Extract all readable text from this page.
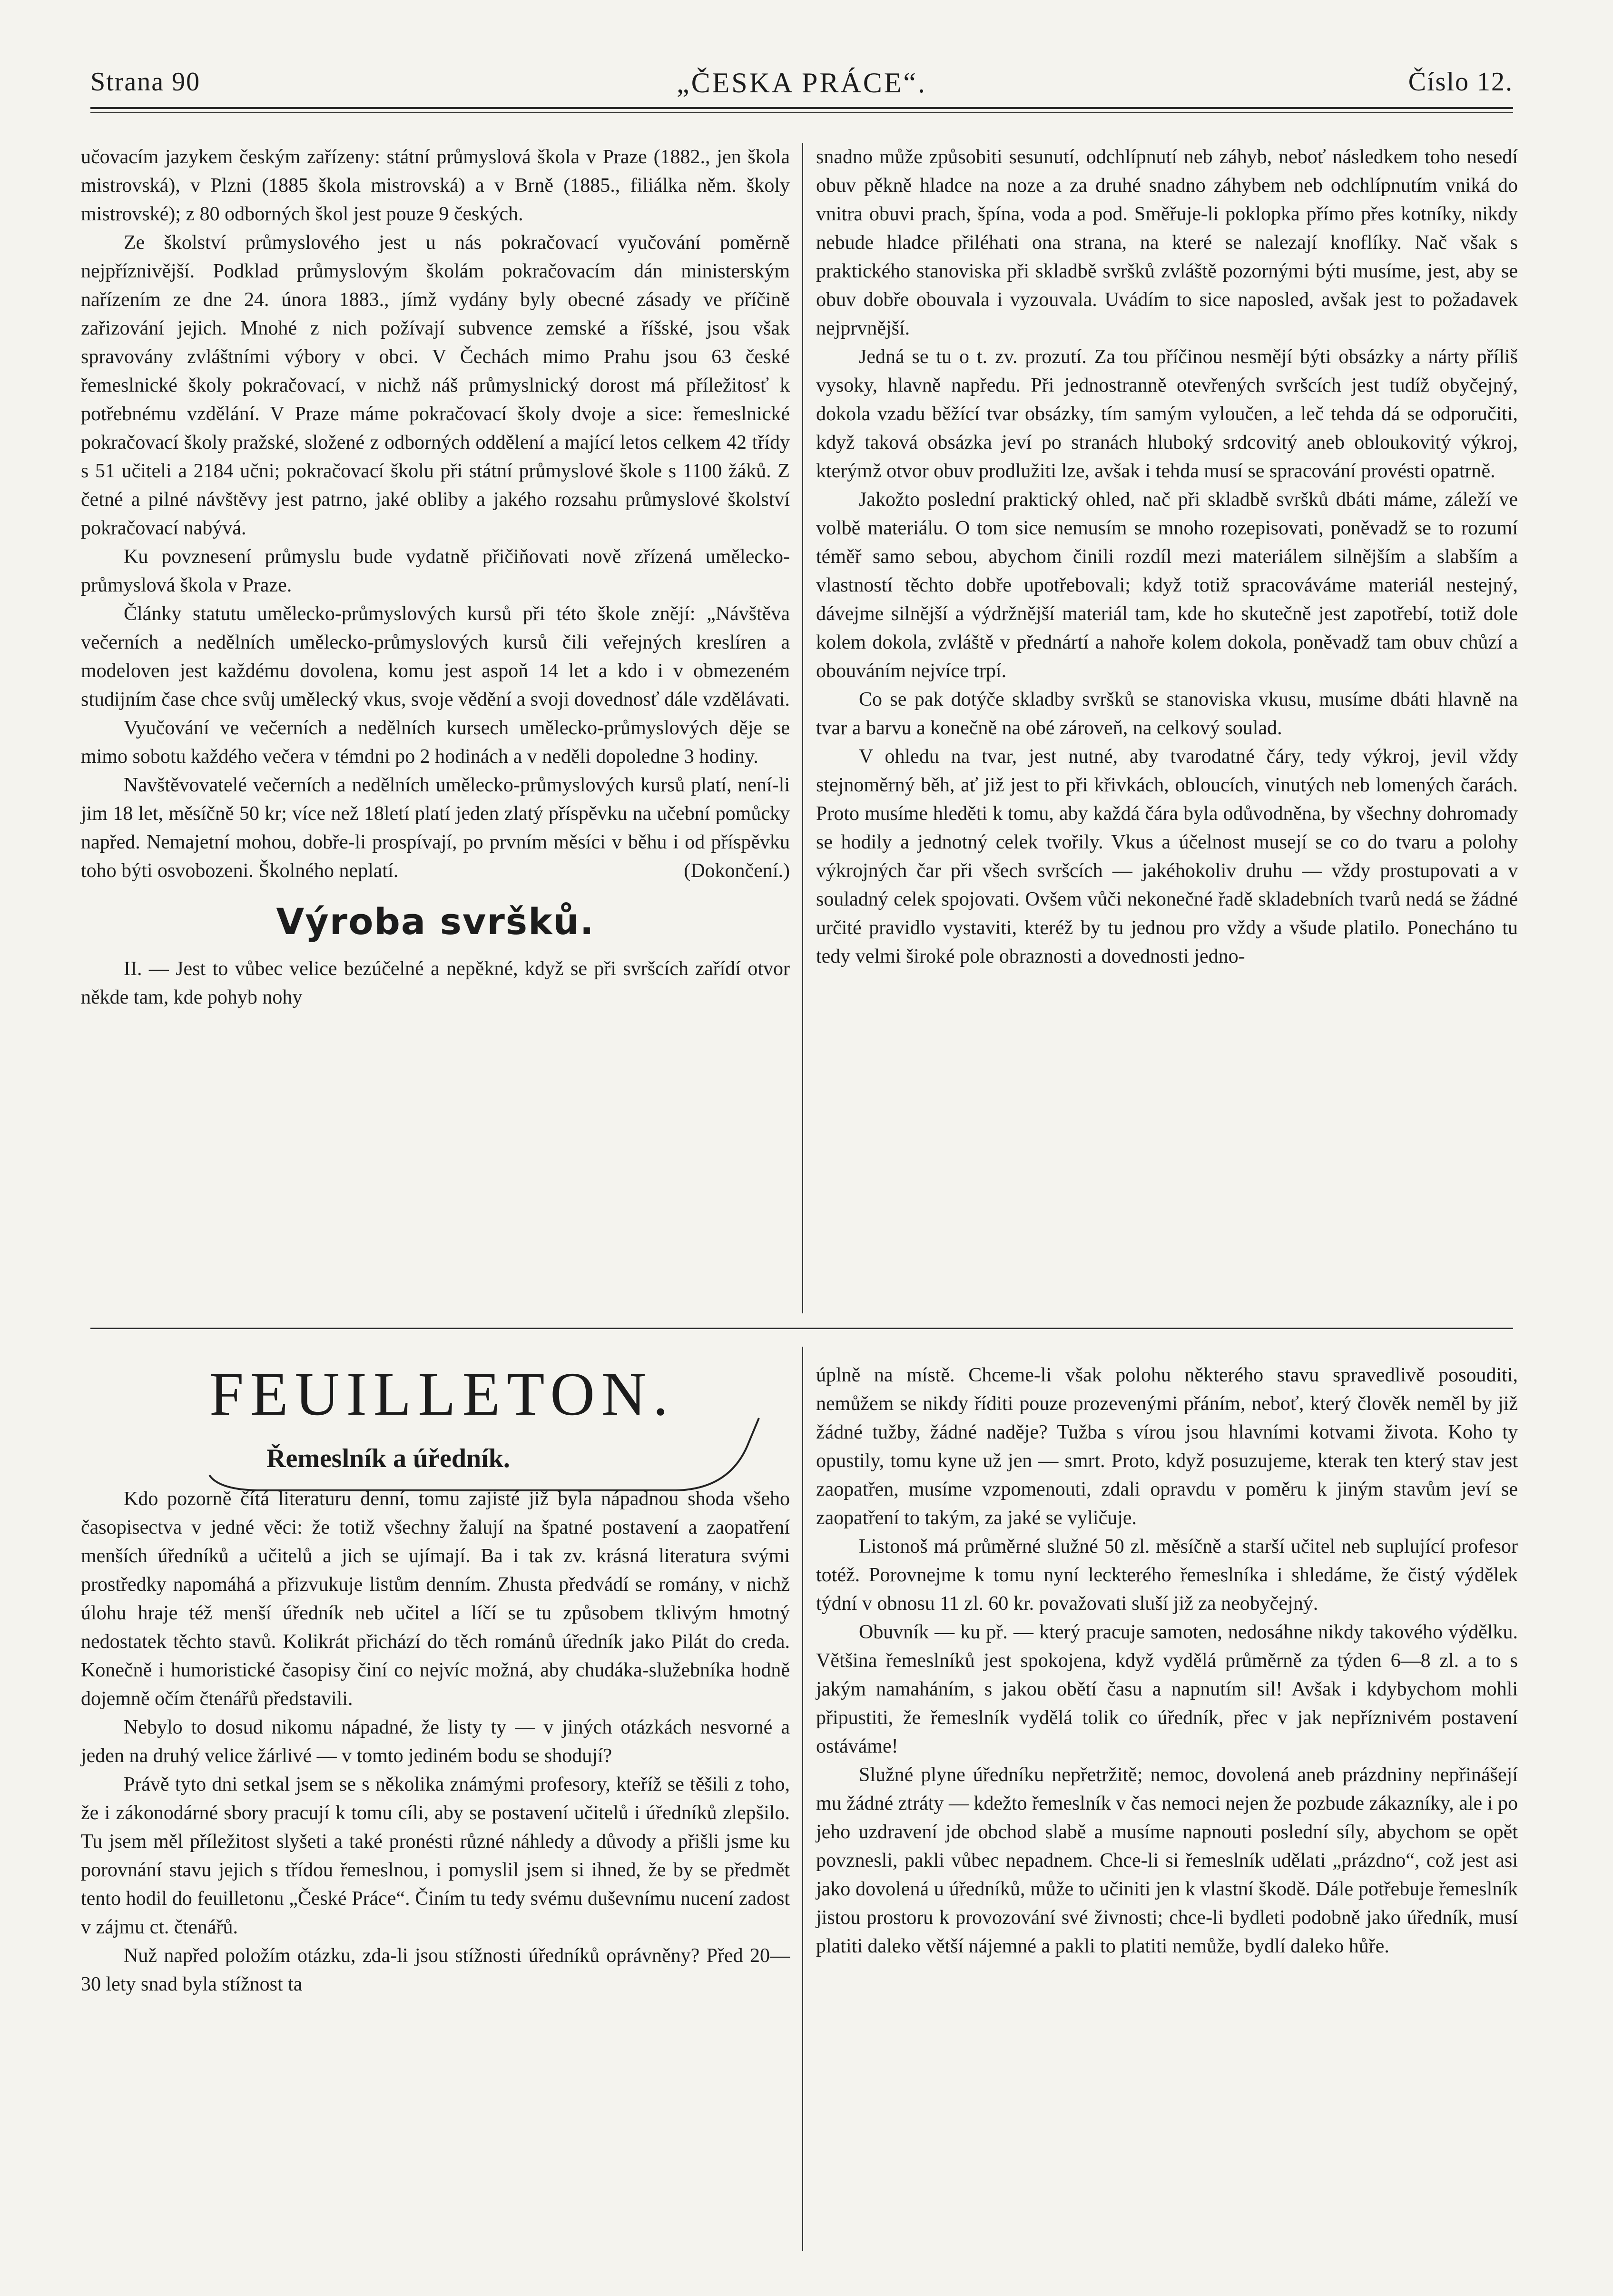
Strana 90	„ČESKA PRÁCE“.	Číslo 12.

učovacím jazykem českým zařízeny: státní průmyslová škola v Praze (1882., jen škola mistrovská), v Plzni (1885 škola mistrovská) a v Brně (1885., filiálka něm. školy mistrovské); z 80 odborných škol jest pouze 9 českých.

Ze školství průmyslového jest u nás pokračovací vyučování poměrně nejpříznivější. Podklad průmyslovým školám pokračovacím dán ministerským nařízením ze dne 24. února 1883., jímž vydány byly obecné zásady ve příčině zařizování jejich. Mnohé z nich požívají subvence zemské a říšské, jsou však spravovány zvláštními výbory v obci. V Čechách mimo Prahu jsou 63 české řemeslnické školy pokračovací, v nichž náš průmyslnický dorost má příležitosť k potřebnému vzdělání. V Praze máme pokračovací školy dvoje a sice: řemeslnické pokračovací školy pražské, složené z odborných oddělení a mající letos celkem 42 třídy s 51 učiteli a 2184 učni; pokračovací školu při státní průmyslové škole s 1100 žáků. Z četné a pilné návštěvy jest patrno, jaké obliby a jakého rozsahu průmyslové školství pokračovací nabývá.

Ku povznesení průmyslu bude vydatně přičiňovati nově zřízená umělecko-průmyslová škola v Praze.

Články statutu umělecko-průmyslových kursů při této škole znějí: „Návštěva večerních a nedělních umělecko-průmyslových kursů čili veřejných kreslíren a modeloven jest každému dovolena, komu jest aspoň 14 let a kdo i v obmezeném studijním čase chce svůj umělecký vkus, svoje vědění a svoji dovednosť dále vzdělávati.

Vyučování ve večerních a nedělních kursech umělecko-průmyslových děje se mimo sobotu každého večera v témdni po 2 hodinách a v neděli dopoledne 3 hodiny.

Navštěvovatelé večerních a nedělních umělecko-průmyslových kursů platí, není-li jim 18 let, měsíčně 50 kr; více než 18letí platí jeden zlatý příspěvku na učební pomůcky napřed. Nemajetní mohou, dobře-li prospívají, po prvním měsíci v běhu i od příspěvku toho býti osvobozeni. Školného neplatí.	(Dokončení.)

Výroba svršků.

II. — Jest to vůbec velice bezúčelné a nepěkné, když se při svršcích zařídí otvor někde tam, kde pohyb nohy

snadno může způsobiti sesunutí, odchlípnutí neb záhyb, neboť následkem toho nesedí obuv pěkně hladce na noze a za druhé snadno záhybem neb odchlípnutím vniká do vnitra obuvi prach, špína, voda a pod. Směřuje-li poklopka přímo přes kotníky, nikdy nebude hladce přiléhati ona strana, na které se nalezají knoflíky. Nač však s praktického stanoviska při skladbě svršků zvláště pozornými býti musíme, jest, aby se obuv dobře obouvala i vyzouvala. Uvádím to sice naposled, avšak jest to požadavek nejprvnější.

Jedná se tu o t. zv. prozutí. Za tou příčinou nesmějí býti obsázky a nárty příliš vysoky, hlavně napředu. Při jednostranně otevřených svršcích jest tudíž obyčejný, dokola vzadu běžící tvar obsázky, tím samým vyloučen, a leč tehda dá se odporučiti, když taková obsázka jeví po stranách hluboký srdcovitý aneb obloukovitý výkroj, kterýmž otvor obuv prodlužiti lze, avšak i tehda musí se spracování provésti opatrně.

Jakožto poslední praktický ohled, nač při skladbě svršků dbáti máme, záleží ve volbě materiálu. O tom sice nemusím se mnoho rozepisovati, poněvadž se to rozumí téměř samo sebou, abychom činili rozdíl mezi materiálem silnějším a slabším a vlastností těchto dobře upotřebovali; když totiž spracováváme materiál nestejný, dávejme silnější a výdržnější materiál tam, kde ho skutečně jest zapotřebí, totiž dole kolem dokola, zvláště v přednártí a nahoře kolem dokola, poněvadž tam obuv chůzí a obouváním nejvíce trpí.

Co se pak dotýče skladby svršků se stanoviska vkusu, musíme dbáti hlavně na tvar a barvu a konečně na obé zároveň, na celkový soulad.

V ohledu na tvar, jest nutné, aby tvarodatné čáry, tedy výkroj, jevil vždy stejnoměrný běh, ať již jest to při křivkách, obloucích, vinutých neb lomených čarách. Proto musíme hleděti k tomu, aby každá čára byla odůvodněna, by všechny dohromady se hodily a jednotný celek tvořily. Vkus a účelnost musejí se co do tvaru a polohy výkrojných čar při všech svršcích — jakéhokoliv druhu — vždy prostupovati a v souladný celek spojovati. Ovšem vůči nekonečné řadě skladebních tvarů nedá se žádné určité pravidlo vystaviti, kteréž by tu jednou pro vždy a všude platilo. Ponecháno tu tedy velmi široké pole obraznosti a dovednosti jedno-

FEUILLETON.
Řemeslník a úředník.

Kdo pozorně čítá literaturu denní, tomu zajisté již byla nápadnou shoda všeho časopisectva v jedné věci: že totiž všechny žalují na špatné postavení a zaopatření menších úředníků a učitelů a jich se ujímají. Ba i tak zv. krásná literatura svými prostředky napomáhá a přizvukuje listům denním. Zhusta předvádí se romány, v nichž úlohu hraje též menší úředník neb učitel a líčí se tu způsobem tklivým hmotný nedostatek těchto stavů. Kolikrát přichází do těch románů úředník jako Pilát do creda. Konečně i humoristické časopisy činí co nejvíc možná, aby chudáka-služebníka hodně dojemně očím čtenářů představili.

Nebylo to dosud nikomu nápadné, že listy ty — v jiných otázkách nesvorné a jeden na druhý velice žárlivé — v tomto jediném bodu se shodují?

Právě tyto dni setkal jsem se s několika známými profesory, kteříž se těšili z toho, že i zákonodárné sbory pracují k tomu cíli, aby se postavení učitelů i úředníků zlepšilo. Tu jsem měl příležitost slyšeti a také pronésti různé náhledy a důvody a přišli jsme ku porovnání stavu jejich s třídou řemeslnou, i pomyslil jsem si ihned, že by se předmět tento hodil do feuilletonu „České Práce“. Činím tu tedy svému duševnímu nucení zadost v zájmu ct. čtenářů.

Nuž napřed položím otázku, zda-li jsou stížnosti úředníků oprávněny? Před 20—30 lety snad byla stížnost ta

úplně na místě. Chceme-li však polohu některého stavu spravedlivě posouditi, nemůžem se nikdy říditi pouze prozevenými přáním, neboť, který člověk neměl by již žádné tužby, žádné naděje? Tužba s vírou jsou hlavními kotvami života. Koho ty opustily, tomu kyne už jen — smrt. Proto, když posuzujeme, kterak ten který stav jest zaopatřen, musíme vzpomenouti, zdali opravdu v poměru k jiným stavům jeví se zaopatření to takým, za jaké se vyličuje.

Listonoš má průměrné služné 50 zl. měsíčně a starší učitel neb suplující profesor totéž. Porovnejme k tomu nyní leckterého řemeslníka i shledáme, že čistý výdělek týdní v obnosu 11 zl. 60 kr. považovati sluší již za neobyčejný.

Obuvník — ku př. — který pracuje samoten, nedosáhne nikdy takového výdělku. Většina řemeslníků jest spokojena, když vydělá průměrně za týden 6—8 zl. a to s jakým namaháním, s jakou obětí času a napnutím sil! Avšak i kdybychom mohli připustiti, že řemeslník vydělá tolik co úředník, přec v jak nepříznivém postavení ostáváme!

Služné plyne úředníku nepřetržitě; nemoc, dovolená aneb prázdniny nepřinášejí mu žádné ztráty — kdežto řemeslník v čas nemoci nejen že pozbude zákazníky, ale i po jeho uzdravení jde obchod slabě a musíme napnouti poslední síly, abychom se opět povznesli, pakli vůbec nepadnem. Chce-li si řemeslník udělati „prázdno“, což jest asi jako dovolená u úředníků, může to učiniti jen k vlastní škodě. Dále potřebuje řemeslník jistou prostoru k provozování své živnosti; chce-li bydleti podobně jako úředník, musí platiti daleko větší nájemné a pakli to platiti nemůže, bydlí daleko hůře.
